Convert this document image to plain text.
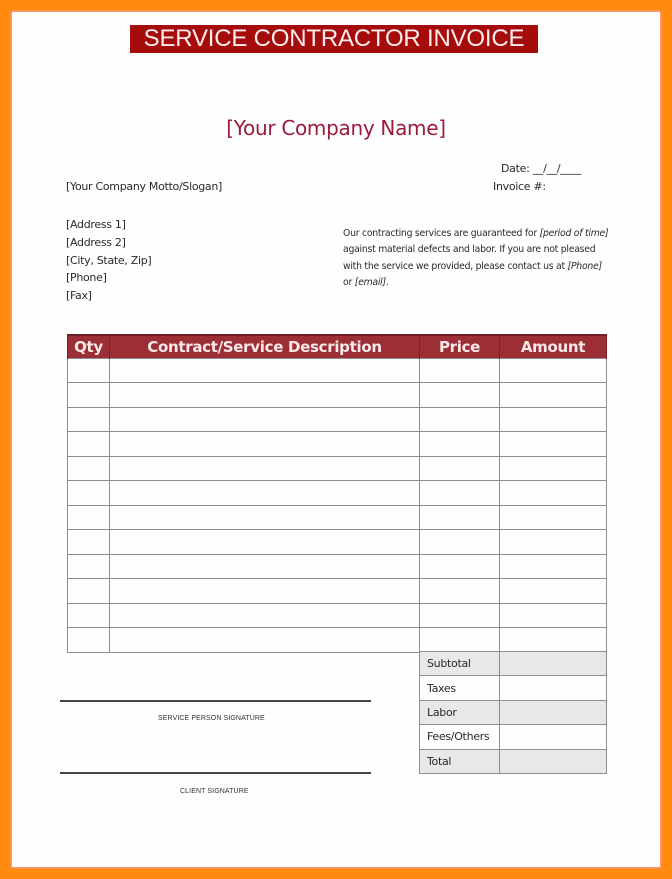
SERVICE CONTRACTOR INVOICE
[Your Company Name]
Date: __/__/____
Invoice #:
[Your Company Motto/Slogan]
[Address 1]
[Address 2]
[City, State, Zip]
[Phone]
[Fax]
Our contracting services are guaranteed for [period of time] against material defects and labor. If you are not pleased with the service we provided, please contact us at [Phone] or [email].
Qty	Contract/Service Description	Price	Amount

Subtotal	
Taxes	
Labor	
Fees/Others	
Total	
SERVICE PERSON SIGNATURE
CLIENT SIGNATURE
